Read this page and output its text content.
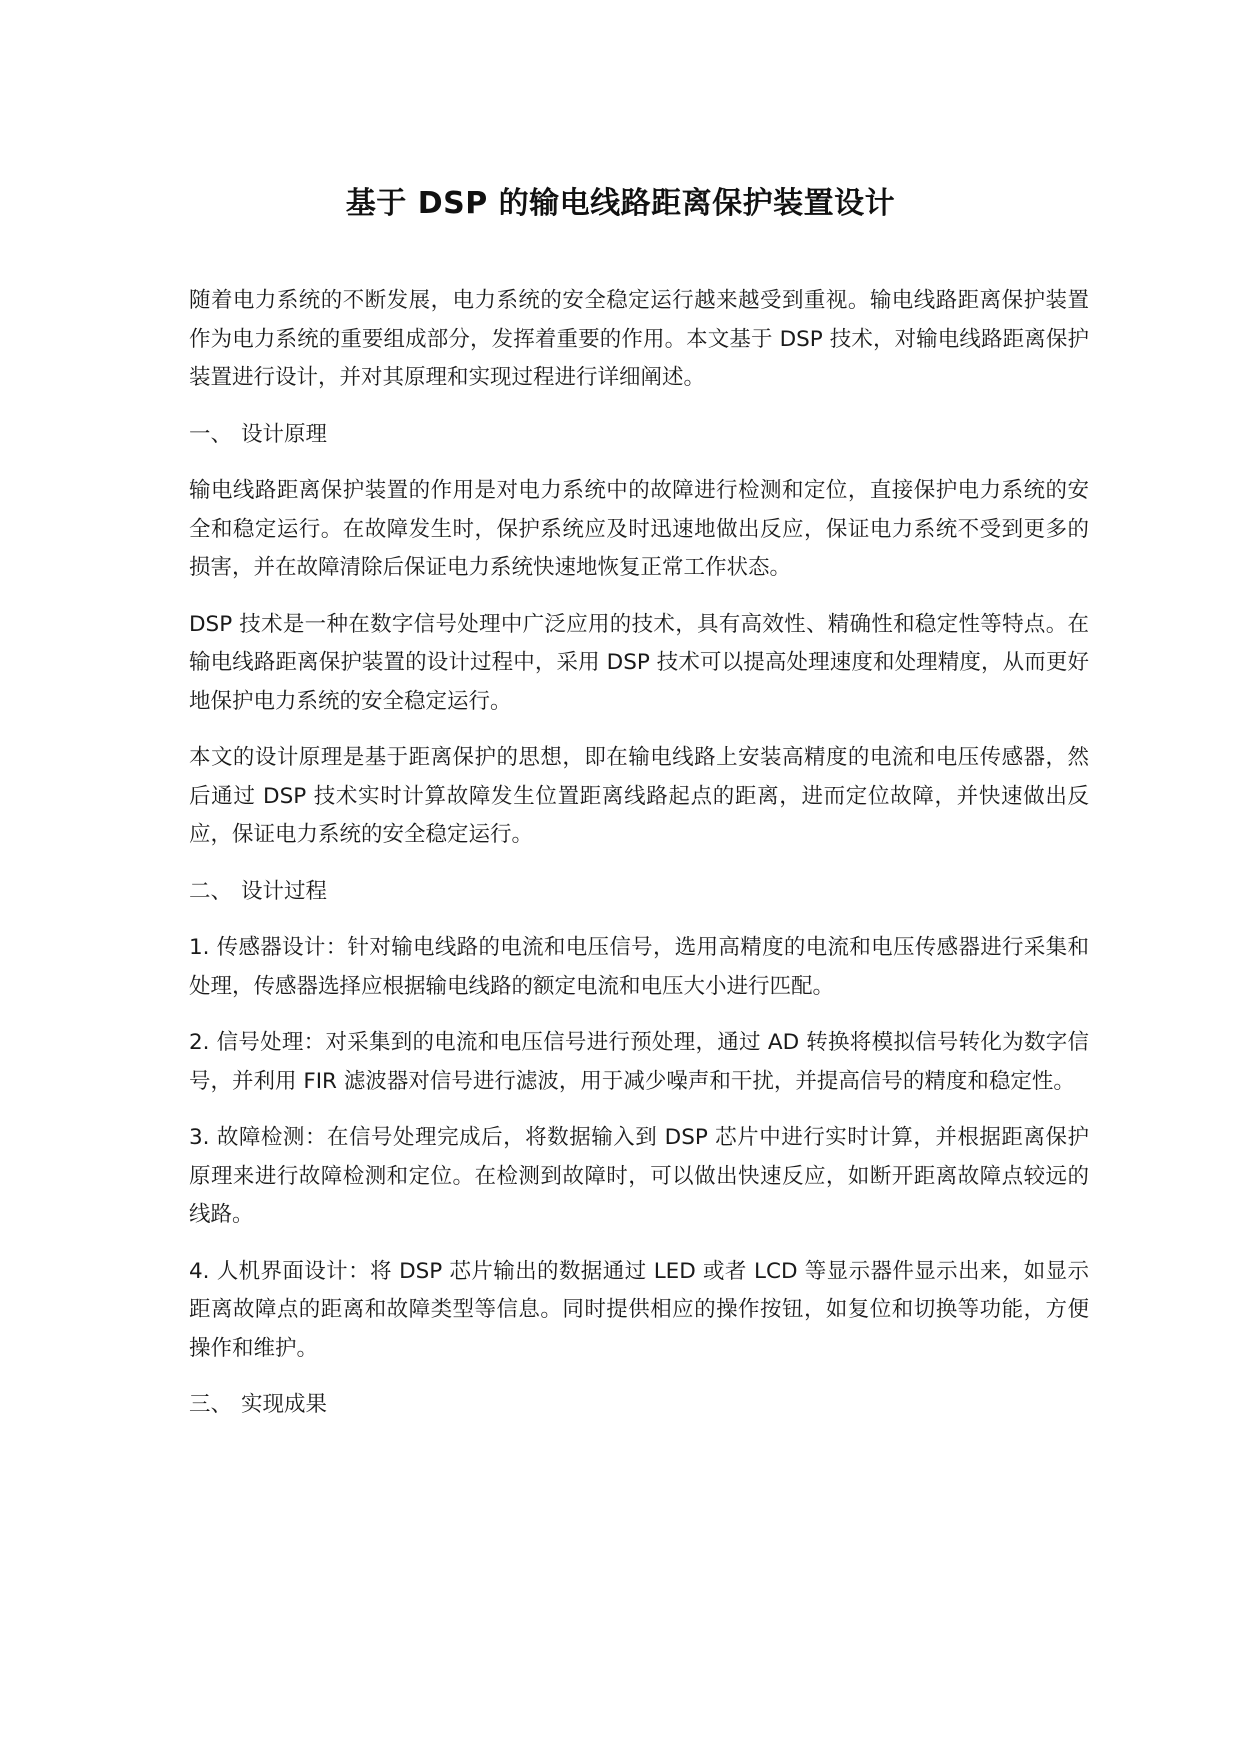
基于 DSP 的输电线路距离保护装置设计

随着电力系统的不断发展，电力系统的安全稳定运行越来越受到重视。输电线路距离保护装置作为电力系统的重要组成部分，发挥着重要的作用。本文基于 DSP 技术，对输电线路距离保护装置进行设计，并对其原理和实现过程进行详细阐述。

一、 设计原理

输电线路距离保护装置的作用是对电力系统中的故障进行检测和定位，直接保护电力系统的安全和稳定运行。在故障发生时，保护系统应及时迅速地做出反应，保证电力系统不受到更多的损害，并在故障清除后保证电力系统快速地恢复正常工作状态。

DSP 技术是一种在数字信号处理中广泛应用的技术，具有高效性、精确性和稳定性等特点。在输电线路距离保护装置的设计过程中，采用 DSP 技术可以提高处理速度和处理精度，从而更好地保护电力系统的安全稳定运行。

本文的设计原理是基于距离保护的思想，即在输电线路上安装高精度的电流和电压传感器，然后通过 DSP 技术实时计算故障发生位置距离线路起点的距离，进而定位故障，并快速做出反应，保证电力系统的安全稳定运行。

二、 设计过程

1. 传感器设计：针对输电线路的电流和电压信号，选用高精度的电流和电压传感器进行采集和处理，传感器选择应根据输电线路的额定电流和电压大小进行匹配。

2. 信号处理：对采集到的电流和电压信号进行预处理，通过 AD 转换将模拟信号转化为数字信号，并利用 FIR 滤波器对信号进行滤波，用于减少噪声和干扰，并提高信号的精度和稳定性。

3. 故障检测：在信号处理完成后，将数据输入到 DSP 芯片中进行实时计算，并根据距离保护原理来进行故障检测和定位。在检测到故障时，可以做出快速反应，如断开距离故障点较远的线路。

4. 人机界面设计：将 DSP 芯片输出的数据通过 LED 或者 LCD 等显示器件显示出来，如显示距离故障点的距离和故障类型等信息。同时提供相应的操作按钮，如复位和切换等功能，方便操作和维护。

三、 实现成果
